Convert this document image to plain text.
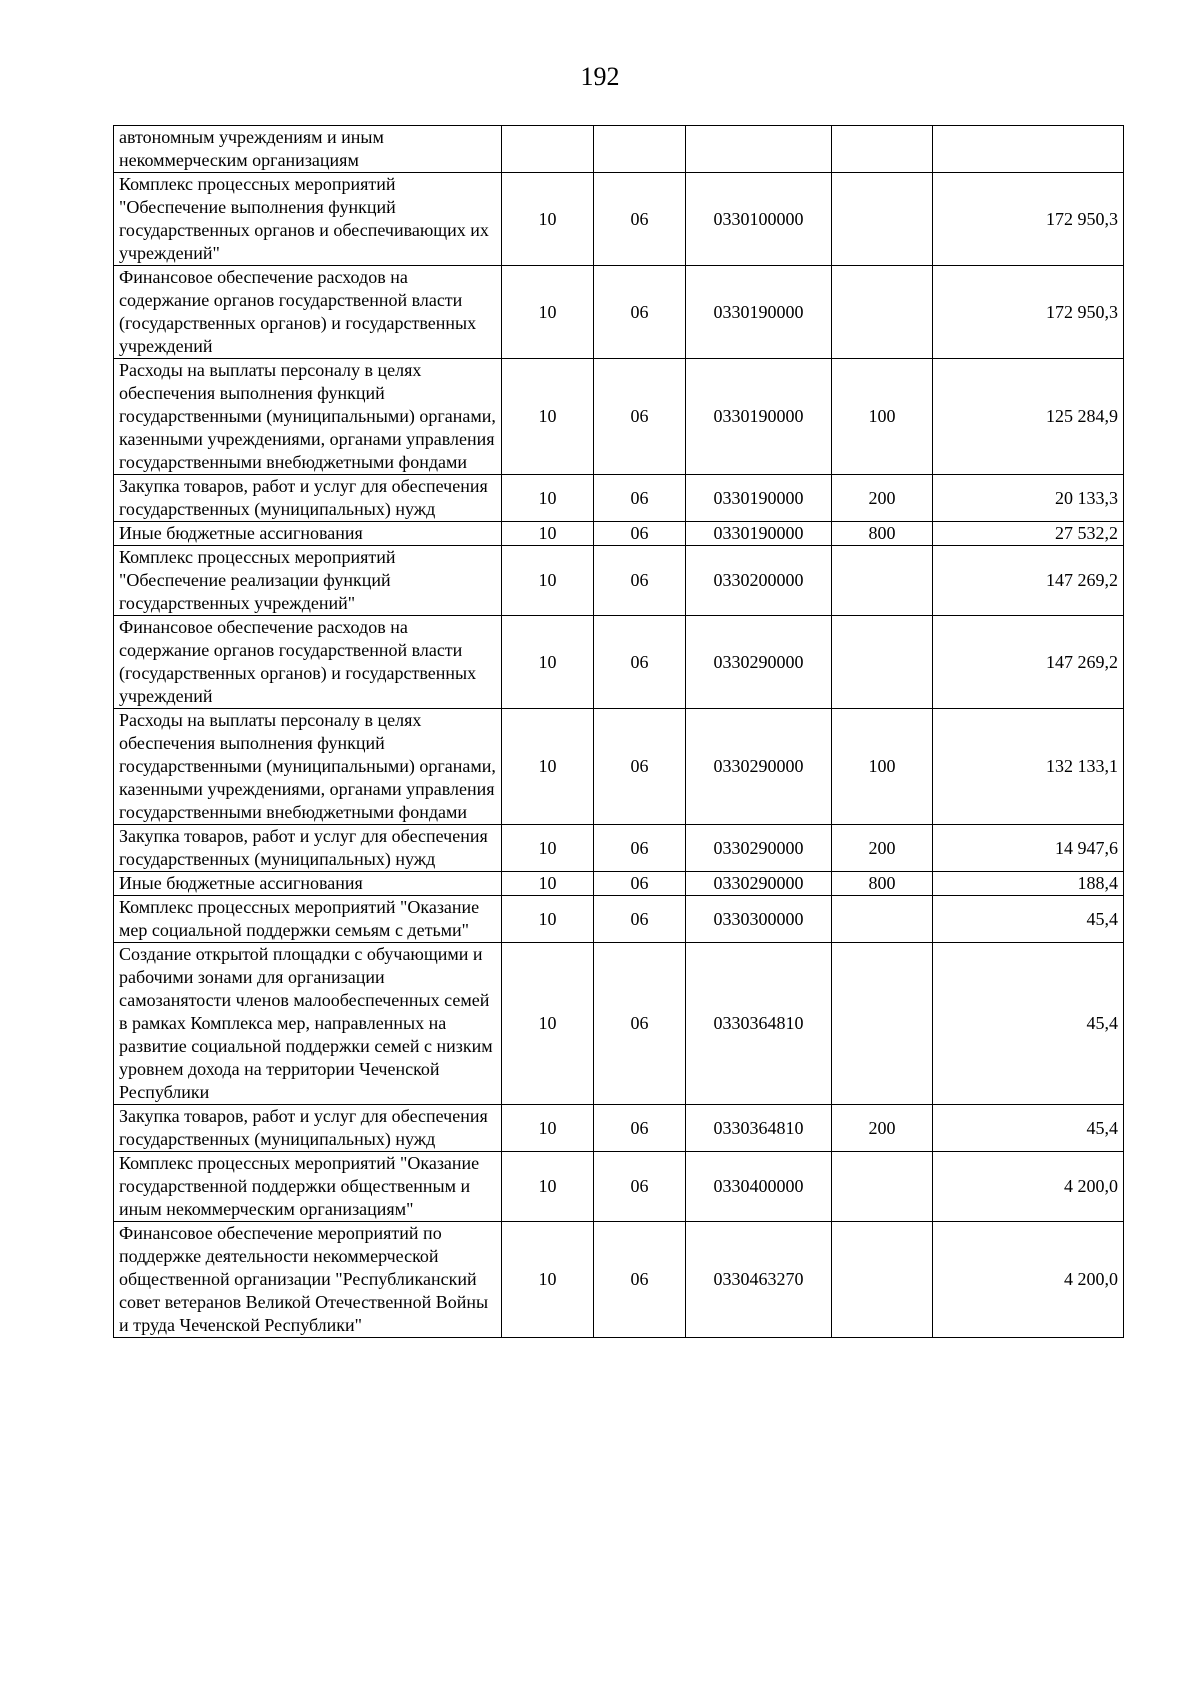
192
автономным учреждениям и иным некоммерческим организациям					
Комплекс процессных мероприятий "Обеспечение выполнения функций государственных органов и обеспечивающих их учреждений"	10	06	0330100000		172 950,3
Финансовое обеспечение расходов на содержание органов государственной власти (государственных органов) и государственных учреждений	10	06	0330190000		172 950,3
Расходы на выплаты персоналу в целях обеспечения выполнения функций государственными (муниципальными) органами, казенными учреждениями, органами управления государственными внебюджетными фондами	10	06	0330190000	100	125 284,9
Закупка товаров, работ и услуг для обеспечения государственных (муниципальных) нужд	10	06	0330190000	200	20 133,3
Иные бюджетные ассигнования	10	06	0330190000	800	27 532,2
Комплекс процессных мероприятий "Обеспечение реализации функций государственных учреждений"	10	06	0330200000		147 269,2
Финансовое обеспечение расходов на содержание органов государственной власти (государственных органов) и государственных учреждений	10	06	0330290000		147 269,2
Расходы на выплаты персоналу в целях обеспечения выполнения функций государственными (муниципальными) органами, казенными учреждениями, органами управления государственными внебюджетными фондами	10	06	0330290000	100	132 133,1
Закупка товаров, работ и услуг для обеспечения государственных (муниципальных) нужд	10	06	0330290000	200	14 947,6
Иные бюджетные ассигнования	10	06	0330290000	800	188,4
Комплекс процессных мероприятий "Оказание мер социальной поддержки семьям с детьми"	10	06	0330300000		45,4
Создание открытой площадки с обучающими и рабочими зонами для организации самозанятости членов малообеспеченных семей в рамках Комплекса мер, направленных на развитие социальной поддержки семей с низким уровнем дохода на территории Чеченской Республики	10	06	0330364810		45,4
Закупка товаров, работ и услуг для обеспечения государственных (муниципальных) нужд	10	06	0330364810	200	45,4
Комплекс процессных мероприятий "Оказание государственной поддержки общественным и иным некоммерческим организациям"	10	06	0330400000		4 200,0
Финансовое обеспечение мероприятий по поддержке деятельности некоммерческой общественной организации "Республиканский совет ветеранов Великой Отечественной Войны и труда Чеченской Республики"	10	06	0330463270		4 200,0
